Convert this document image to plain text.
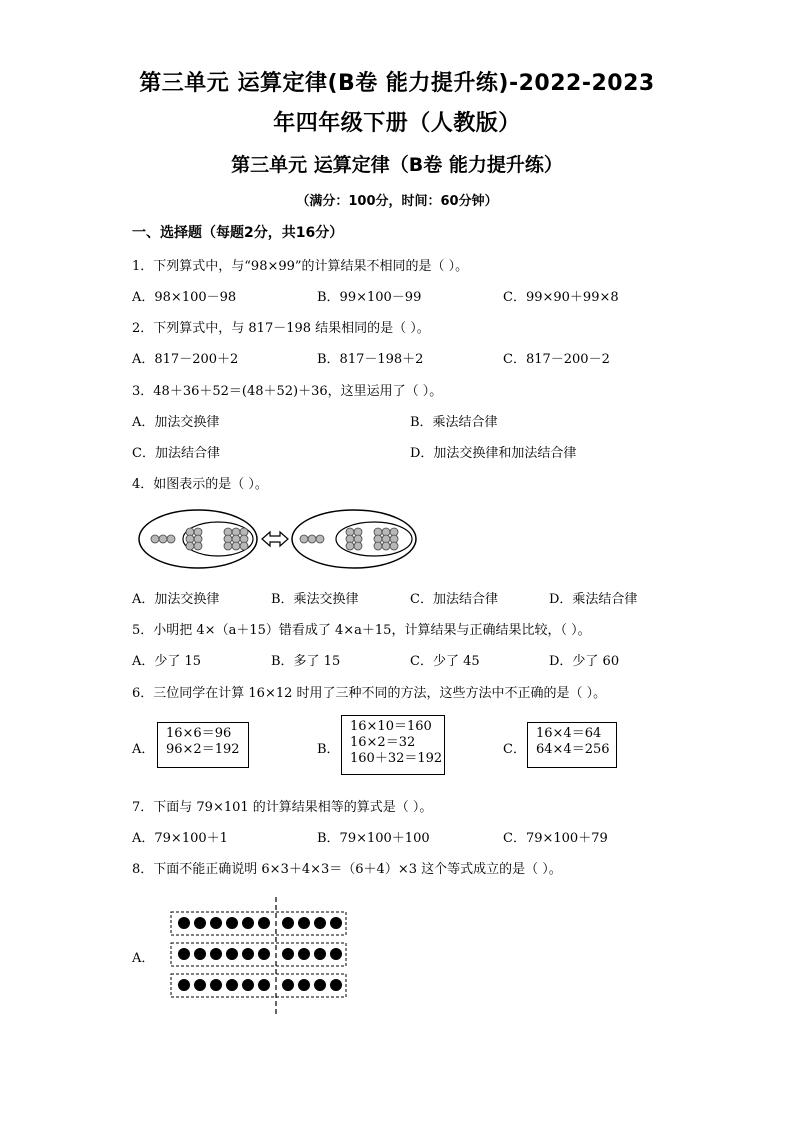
第三单元 运算定律(B卷 能力提升练)-2022-2023
年四年级下册（人教版）
第三单元 运算定律（B卷 能力提升练）
（满分：100分，时间：60分钟）
一、选择题（每题2分，共16分）
1．下列算式中，与“98×99”的计算结果不相同的是（ ）。
A．98×100－98	B．99×100－99	C．99×90＋99×8
2．下列算式中，与 817－198 结果相同的是（ ）。
A．817－200＋2	B．817－198＋2	C．817－200－2
3．48＋36＋52＝(48＋52)＋36，这里运用了（ ）。
A．加法交换律	B．乘法结合律
C．加法结合律	D．加法交换律和加法结合律
4．如图表示的是（ ）。
A．加法交换律	B．乘法交换律	C．加法结合律	D．乘法结合律
5．小明把 4×（a＋15）错看成了 4×a＋15，计算结果与正确结果比较，（ ）。
A．少了 15	B．多了 15	C．少了 45	D．少了 60
6．三位同学在计算 16×12 时用了三种不同的方法，这些方法中不正确的是（ ）。
A．
16×6＝96
96×2＝192	B．
16×10＝160
16×2＝32
160＋32＝192
C．
16×4＝64
64×4＝256
7．下面与 79×101 的计算结果相等的算式是（ ）。
A．79×100＋1	B．79×100＋100	C．79×100＋79
8．下面不能正确说明 6×3＋4×3＝（6＋4）×3 这个等式成立的是（ ）。
A．
